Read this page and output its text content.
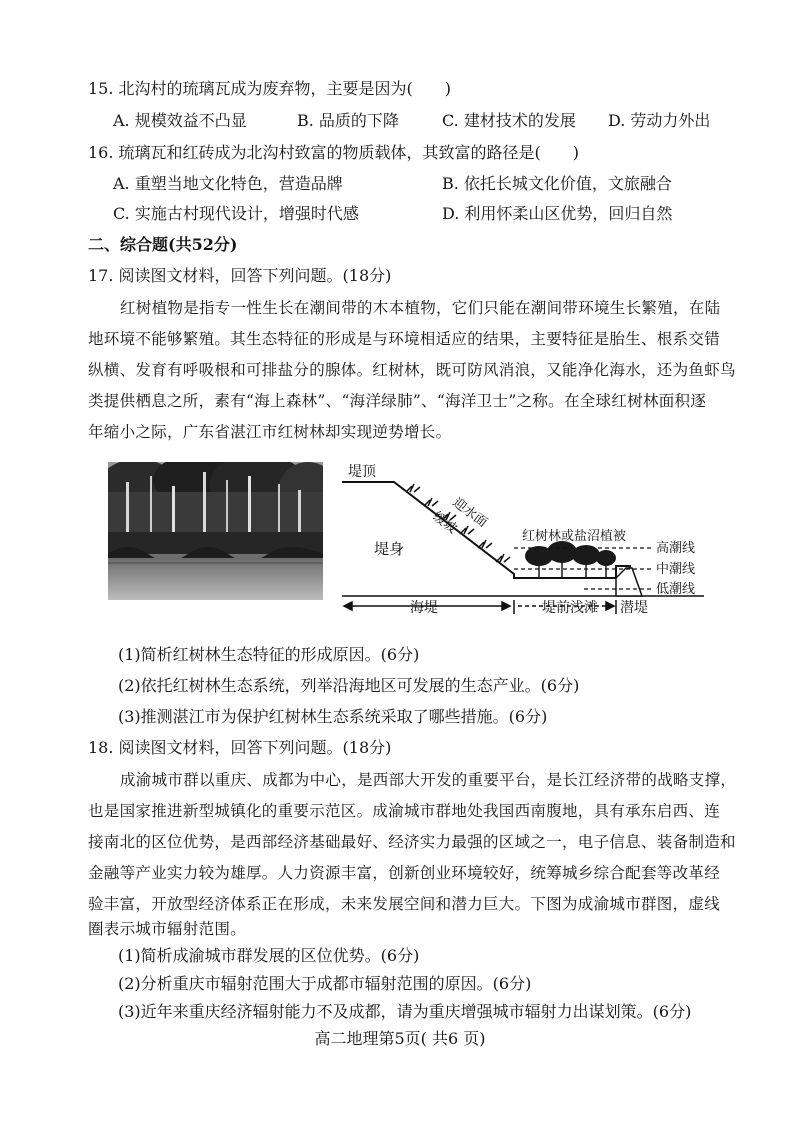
15. 北沟村的琉璃瓦成为废弃物，主要是因为(　　)
A. 规模效益不凸显	B. 品质的下降	C. 建材技术的发展 D. 劳动力外出
16. 琉璃瓦和红砖成为北沟村致富的物质载体，其致富的路径是(　　)
A. 重塑当地文化特色，营造品牌	B. 依托长城文化价值，文旅融合
C. 实施古村现代设计，增强时代感	D. 利用怀柔山区优势，回归自然
二、综合题(共52分)
17. 阅读图文材料，回答下列问题。(18分)
红树植物是指专一性生长在潮间带的木本植物，它们只能在潮间带环境生长繁殖，在陆
地环境不能够繁殖。其生态特征的形成是与环境相适应的结果，主要特征是胎生、根系交错
纵横、发育有呼吸根和可排盐分的腺体。红树林，既可防风消浪，又能净化海水，还为鱼虾鸟
类提供栖息之所，素有“海上森林”、“海洋绿肺”、“海洋卫士”之称。在全球红树林面积逐
年缩小之际，广东省湛江市红树林却实现逆势增长。
堤顶
迎水面
缓坡
堤身
红树林或盐沼植被
高潮线
中潮线
低潮线
海堤	堤前浅滩 潜堤
(1)简析红树林生态特征的形成原因。(6分)
(2)依托红树林生态系统，列举沿海地区可发展的生态产业。(6分)
(3)推测湛江市为保护红树林生态系统采取了哪些措施。(6分)
18. 阅读图文材料，回答下列问题。(18分)
成渝城市群以重庆、成都为中心，是西部大开发的重要平台，是长江经济带的战略支撑，
也是国家推进新型城镇化的重要示范区。成渝城市群地处我国西南腹地，具有承东启西、连
接南北的区位优势，是西部经济基础最好、经济实力最强的区域之一，电子信息、装备制造和
金融等产业实力较为雄厚。人力资源丰富，创新创业环境较好，统筹城乡综合配套等改革经
验丰富，开放型经济体系正在形成，未来发展空间和潜力巨大。下图为成渝城市群图，虚线
圈表示城市辐射范围。
(1)简析成渝城市群发展的区位优势。(6分)
(2)分析重庆市辐射范围大于成都市辐射范围的原因。(6分)
(3)近年来重庆经济辐射能力不及成都，请为重庆增强城市辐射力出谋划策。(6分)
高二地理第5页( 共6 页)
